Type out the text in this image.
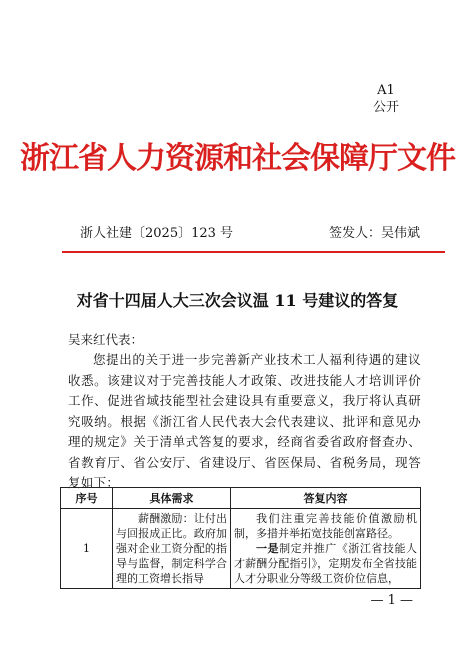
A1
公开
浙江省人力资源和社会保障厅文件
浙人社建〔2025〕123 号	签发人：吴伟斌
对省十四届人大三次会议温 11 号建议的答复
吴来红代表：
您提出的关于进一步完善新产业技术工人福利待遇的建议收悉。该建议对于完善技能人才政策、改进技能人才培训评价工作、促进省域技能型社会建设具有重要意义，我厅将认真研究吸纳。根据《浙江省人民代表大会代表建议、批评和意见办理的规定》关于清单式答复的要求，经商省委省政府督查办、省教育厅、省公安厅、省建设厅、省医保局、省税务局，现答复如下：
序号	具体需求	答复内容
1	薪酬激励：让付出与回报成正比。政府加强对企业工资分配的指导与监督，制定科学合理的工资增长指导	我们注重完善技能价值激励机制，多措并举拓宽技能创富路径。

一是制定并推广《浙江省技能人才薪酬分配指引》，定期发布全省技能人才分职业分等级工资价位信息，

— 1 —
